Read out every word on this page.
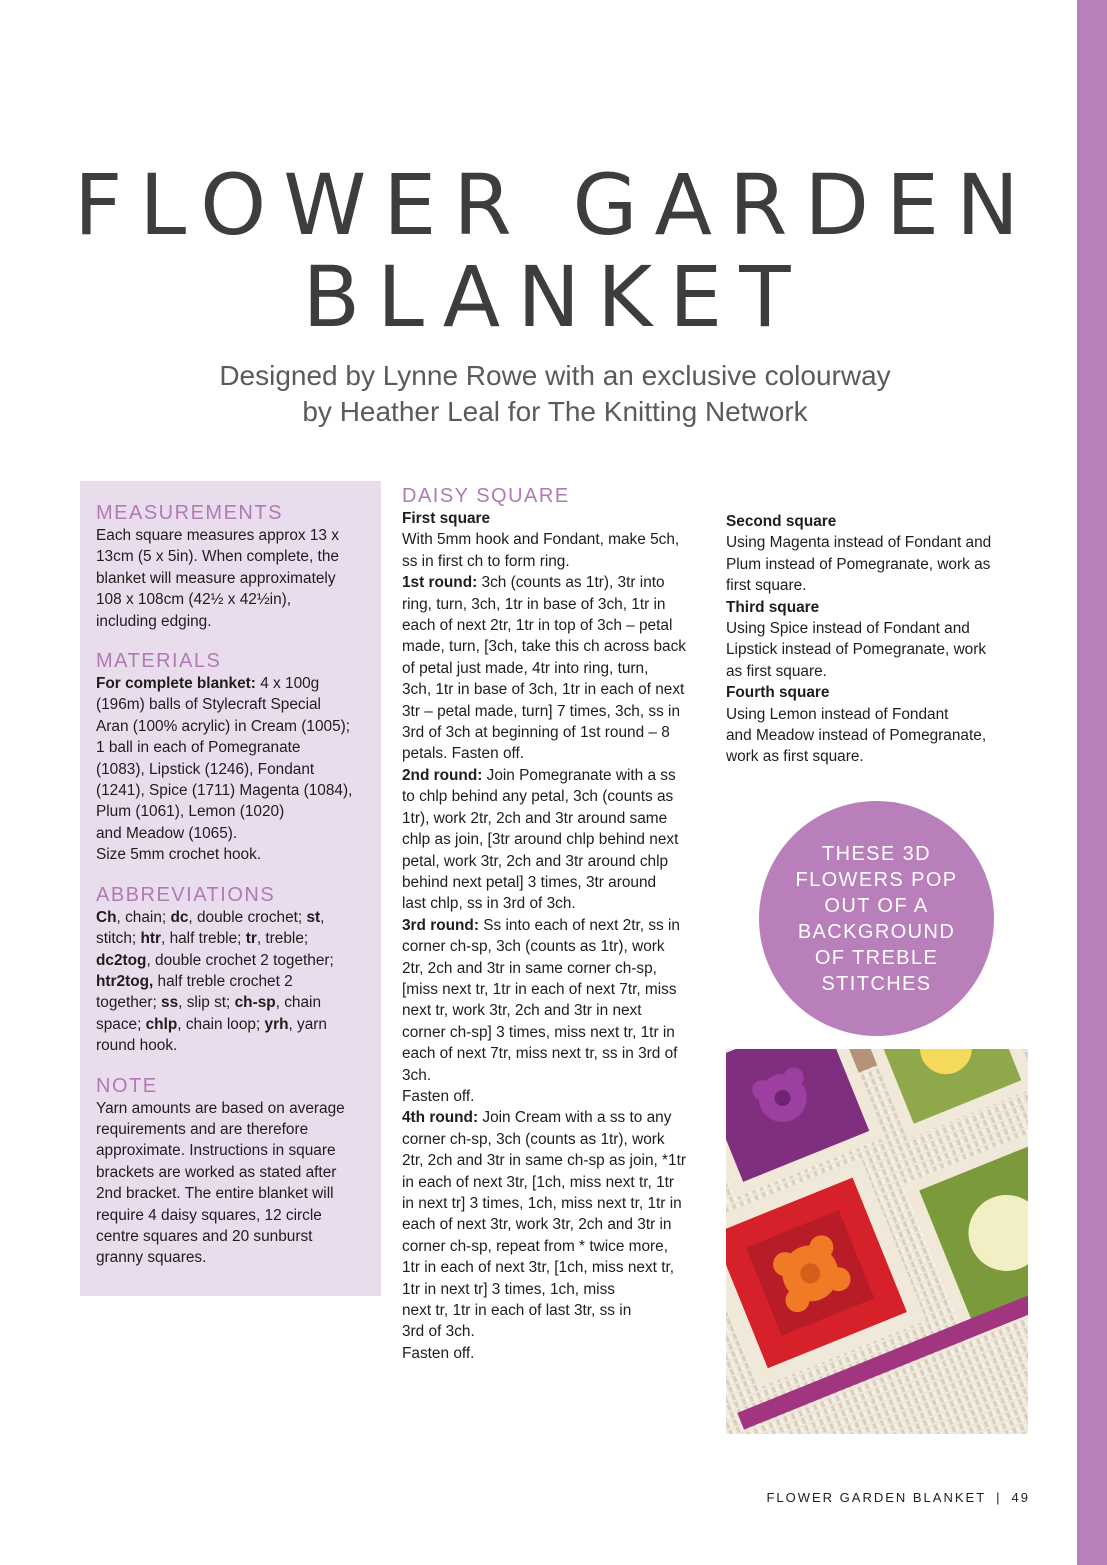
FLOWER GARDEN
BLANKET
Designed by Lynne Rowe with an exclusive colourway
by Heather Leal for The Knitting Network
MEASUREMENTS

Each square measures approx 13 x
13cm (5 x 5in). When complete, the
blanket will measure approximately
108 x 108cm (42½ x 42½in),
including edging.

MATERIALS

For complete blanket: 4 x 100g
(196m) balls of Stylecraft Special
Aran (100% acrylic) in Cream (1005);
1 ball in each of Pomegranate
(1083), Lipstick (1246), Fondant
(1241), Spice (1711) Magenta (1084),
Plum (1061), Lemon (1020)
and Meadow (1065).
Size 5mm crochet hook.

ABBREVIATIONS

Ch, chain; dc, double crochet; st,
stitch; htr, half treble; tr, treble;
dc2tog, double crochet 2 together;
htr2tog, half treble crochet 2
together; ss, slip st; ch-sp, chain
space; chlp, chain loop; yrh, yarn
round hook.

NOTE

Yarn amounts are based on average
requirements and are therefore
approximate. Instructions in square
brackets are worked as stated after
2nd bracket. The entire blanket will
require 4 daisy squares, 12 circle
centre squares and 20 sunburst
granny squares.

DAISY SQUARE

First square
With 5mm hook and Fondant, make 5ch,
ss in first ch to form ring.
1st round: 3ch (counts as 1tr), 3tr into
ring, turn, 3ch, 1tr in base of 3ch, 1tr in
each of next 2tr, 1tr in top of 3ch – petal
made, turn, [3ch, take this ch across back
of petal just made, 4tr into ring, turn,
3ch, 1tr in base of 3ch, 1tr in each of next
3tr – petal made, turn] 7 times, 3ch, ss in
3rd of 3ch at beginning of 1st round – 8
petals. Fasten off.
2nd round: Join Pomegranate with a ss
to chlp behind any petal, 3ch (counts as
1tr), work 2tr, 2ch and 3tr around same
chlp as join, [3tr around chlp behind next
petal, work 3tr, 2ch and 3tr around chlp
behind next petal] 3 times, 3tr around
last chlp, ss in 3rd of 3ch.
3rd round: Ss into each of next 2tr, ss in
corner ch-sp, 3ch (counts as 1tr), work
2tr, 2ch and 3tr in same corner ch-sp,
[miss next tr, 1tr in each of next 7tr, miss
next tr, work 3tr, 2ch and 3tr in next
corner ch-sp] 3 times, miss next tr, 1tr in
each of next 7tr, miss next tr, ss in 3rd of
3ch.
Fasten off.
4th round: Join Cream with a ss to any
corner ch-sp, 3ch (counts as 1tr), work
2tr, 2ch and 3tr in same ch-sp as join, *1tr
in each of next 3tr, [1ch, miss next tr, 1tr
in next tr] 3 times, 1ch, miss next tr, 1tr in
each of next 3tr, work 3tr, 2ch and 3tr in
corner ch-sp, repeat from * twice more,
1tr in each of next 3tr, [1ch, miss next tr,
1tr in next tr] 3 times, 1ch, miss
next tr, 1tr in each of last 3tr, ss in
3rd of 3ch.
Fasten off.

Second square
Using Magenta instead of Fondant and
Plum instead of Pomegranate, work as
first square.
Third square
Using Spice instead of Fondant and
Lipstick instead of Pomegranate, work
as first square.
Fourth square
Using Lemon instead of Fondant
and Meadow instead of Pomegranate,
work as first square.

THESE 3D
FLOWERS POP
OUT OF A
BACKGROUND
OF TREBLE
STITCHES
FLOWER GARDEN BLANKET | 49
